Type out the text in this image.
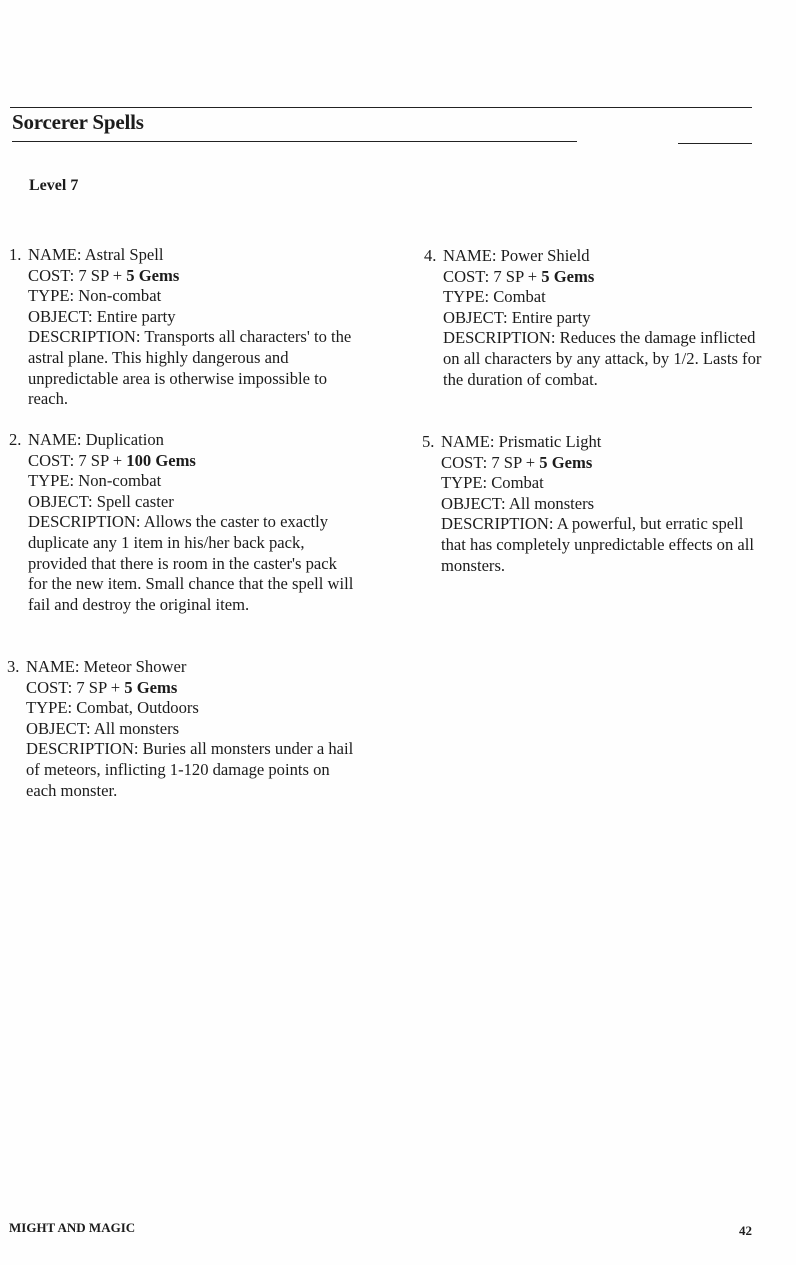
Sorcerer Spells
Level 7
1. NAME: Astral Spell
COST: 7 SP + 5 Gems
TYPE: Non-combat
OBJECT: Entire party
DESCRIPTION: Transports all characters' to the astral plane. This highly dangerous and unpredictable area is otherwise impossible to reach.
2. NAME: Duplication
COST: 7 SP + 100 Gems
TYPE: Non-combat
OBJECT: Spell caster
DESCRIPTION: Allows the caster to exactly duplicate any 1 item in his/her back pack, provided that there is room in the caster's pack for the new item. Small chance that the spell will fail and destroy the original item.
3. NAME: Meteor Shower
COST: 7 SP + 5 Gems
TYPE: Combat, Outdoors
OBJECT: All monsters
DESCRIPTION: Buries all monsters under a hail of meteors, inflicting 1-120 damage points on each monster.
4. NAME: Power Shield
COST: 7 SP + 5 Gems
TYPE: Combat
OBJECT: Entire party
DESCRIPTION: Reduces the damage inflicted on all characters by any attack, by 1/2. Lasts for the duration of combat.
5. NAME: Prismatic Light
COST: 7 SP + 5 Gems
TYPE: Combat
OBJECT: All monsters
DESCRIPTION: A powerful, but erratic spell that has completely unpredictable effects on all monsters.
MIGHT AND MAGIC	42
